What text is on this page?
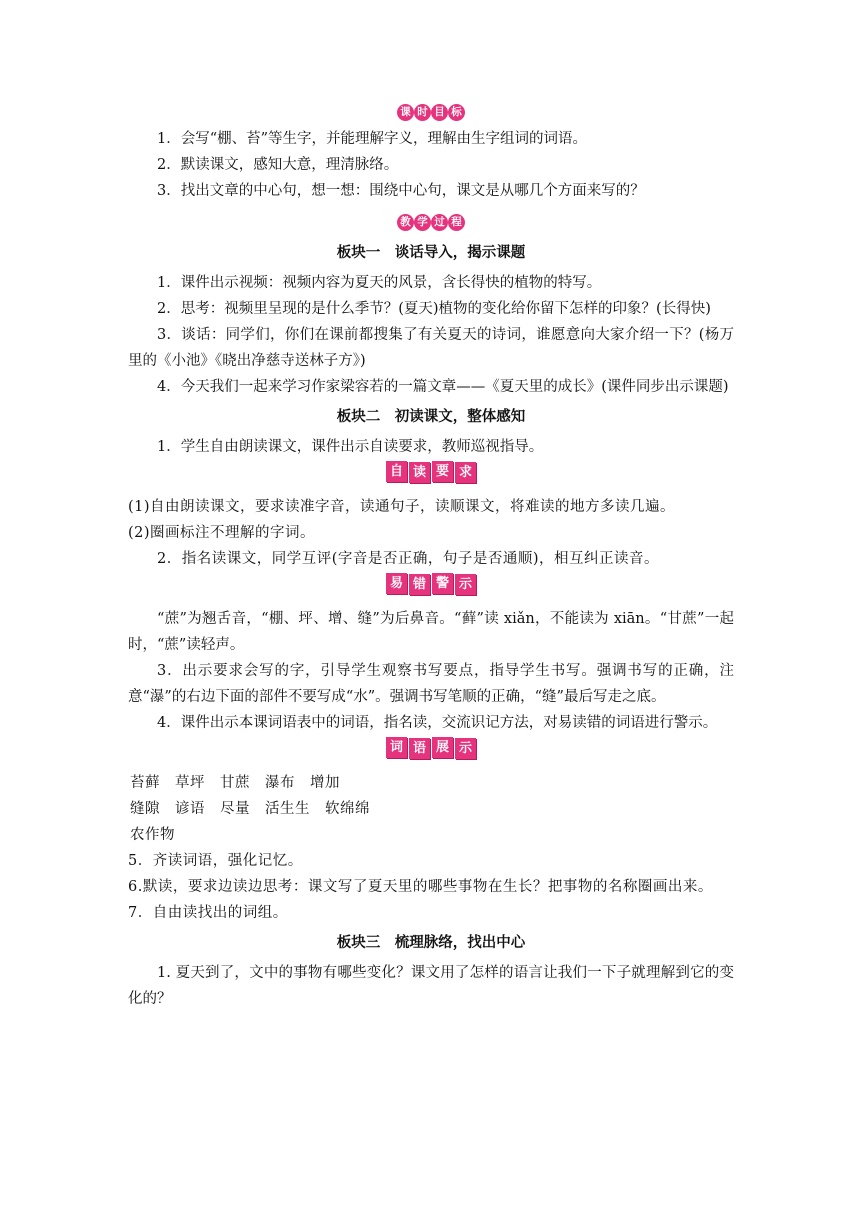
课 时 目 标

1．会写“棚、苔”等生字，并能理解字义，理解由生字组词的词语。

2．默读课文，感知大意，理清脉络。

3．找出文章的中心句，想一想：围绕中心句，课文是从哪几个方面来写的？

教 学 过 程

板块一　谈话导入，揭示课题

1．课件出示视频：视频内容为夏天的风景，含长得快的植物的特写。

2．思考：视频里呈现的是什么季节？(夏天)植物的变化给你留下怎样的印象？(长得快)

3．谈话：同学们，你们在课前都搜集了有关夏天的诗词，谁愿意向大家介绍一下？(杨万里的《小池》《晓出净慈寺送林子方》)

4．今天我们一起来学习作家梁容若的一篇文章——《夏天里的成长》(课件同步出示课题)

板块二　初读课文，整体感知

1．学生自由朗读课文，课件出示自读要求，教师巡视指导。

自 读 要 求

(1)自由朗读课文，要求读准字音，读通句子，读顺课文，将难读的地方多读几遍。

(2)圈画标注不理解的字词。

2．指名读课文，同学互评(字音是否正确，句子是否通顺)，相互纠正读音。

易 错 警 示

“蔗”为翘舌音，“棚、坪、增、缝”为后鼻音。“藓”读 xiǎn，不能读为 xiān。“甘蔗”一起时，“蔗”读轻声。

3．出示要求会写的字，引导学生观察书写要点，指导学生书写。强调书写的正确，注意“瀑”的右边下面的部件不要写成“水”。强调书写笔顺的正确，“缝”最后写走之底。

4．课件出示本课词语表中的词语，指名读，交流识记方法，对易读错的词语进行警示。

词 语 展 示

苔藓 草坪 甘蔗 瀑布 增加

缝隙 谚语 尽量 活生生 软绵绵

农作物

5．齐读词语，强化记忆。

6.默读，要求边读边思考：课文写了夏天里的哪些事物在生长？把事物的名称圈画出来。

7．自由读找出的词组。

板块三　梳理脉络，找出中心

1. 夏天到了，文中的事物有哪些变化？课文用了怎样的语言让我们一下子就理解到它的变化的？
